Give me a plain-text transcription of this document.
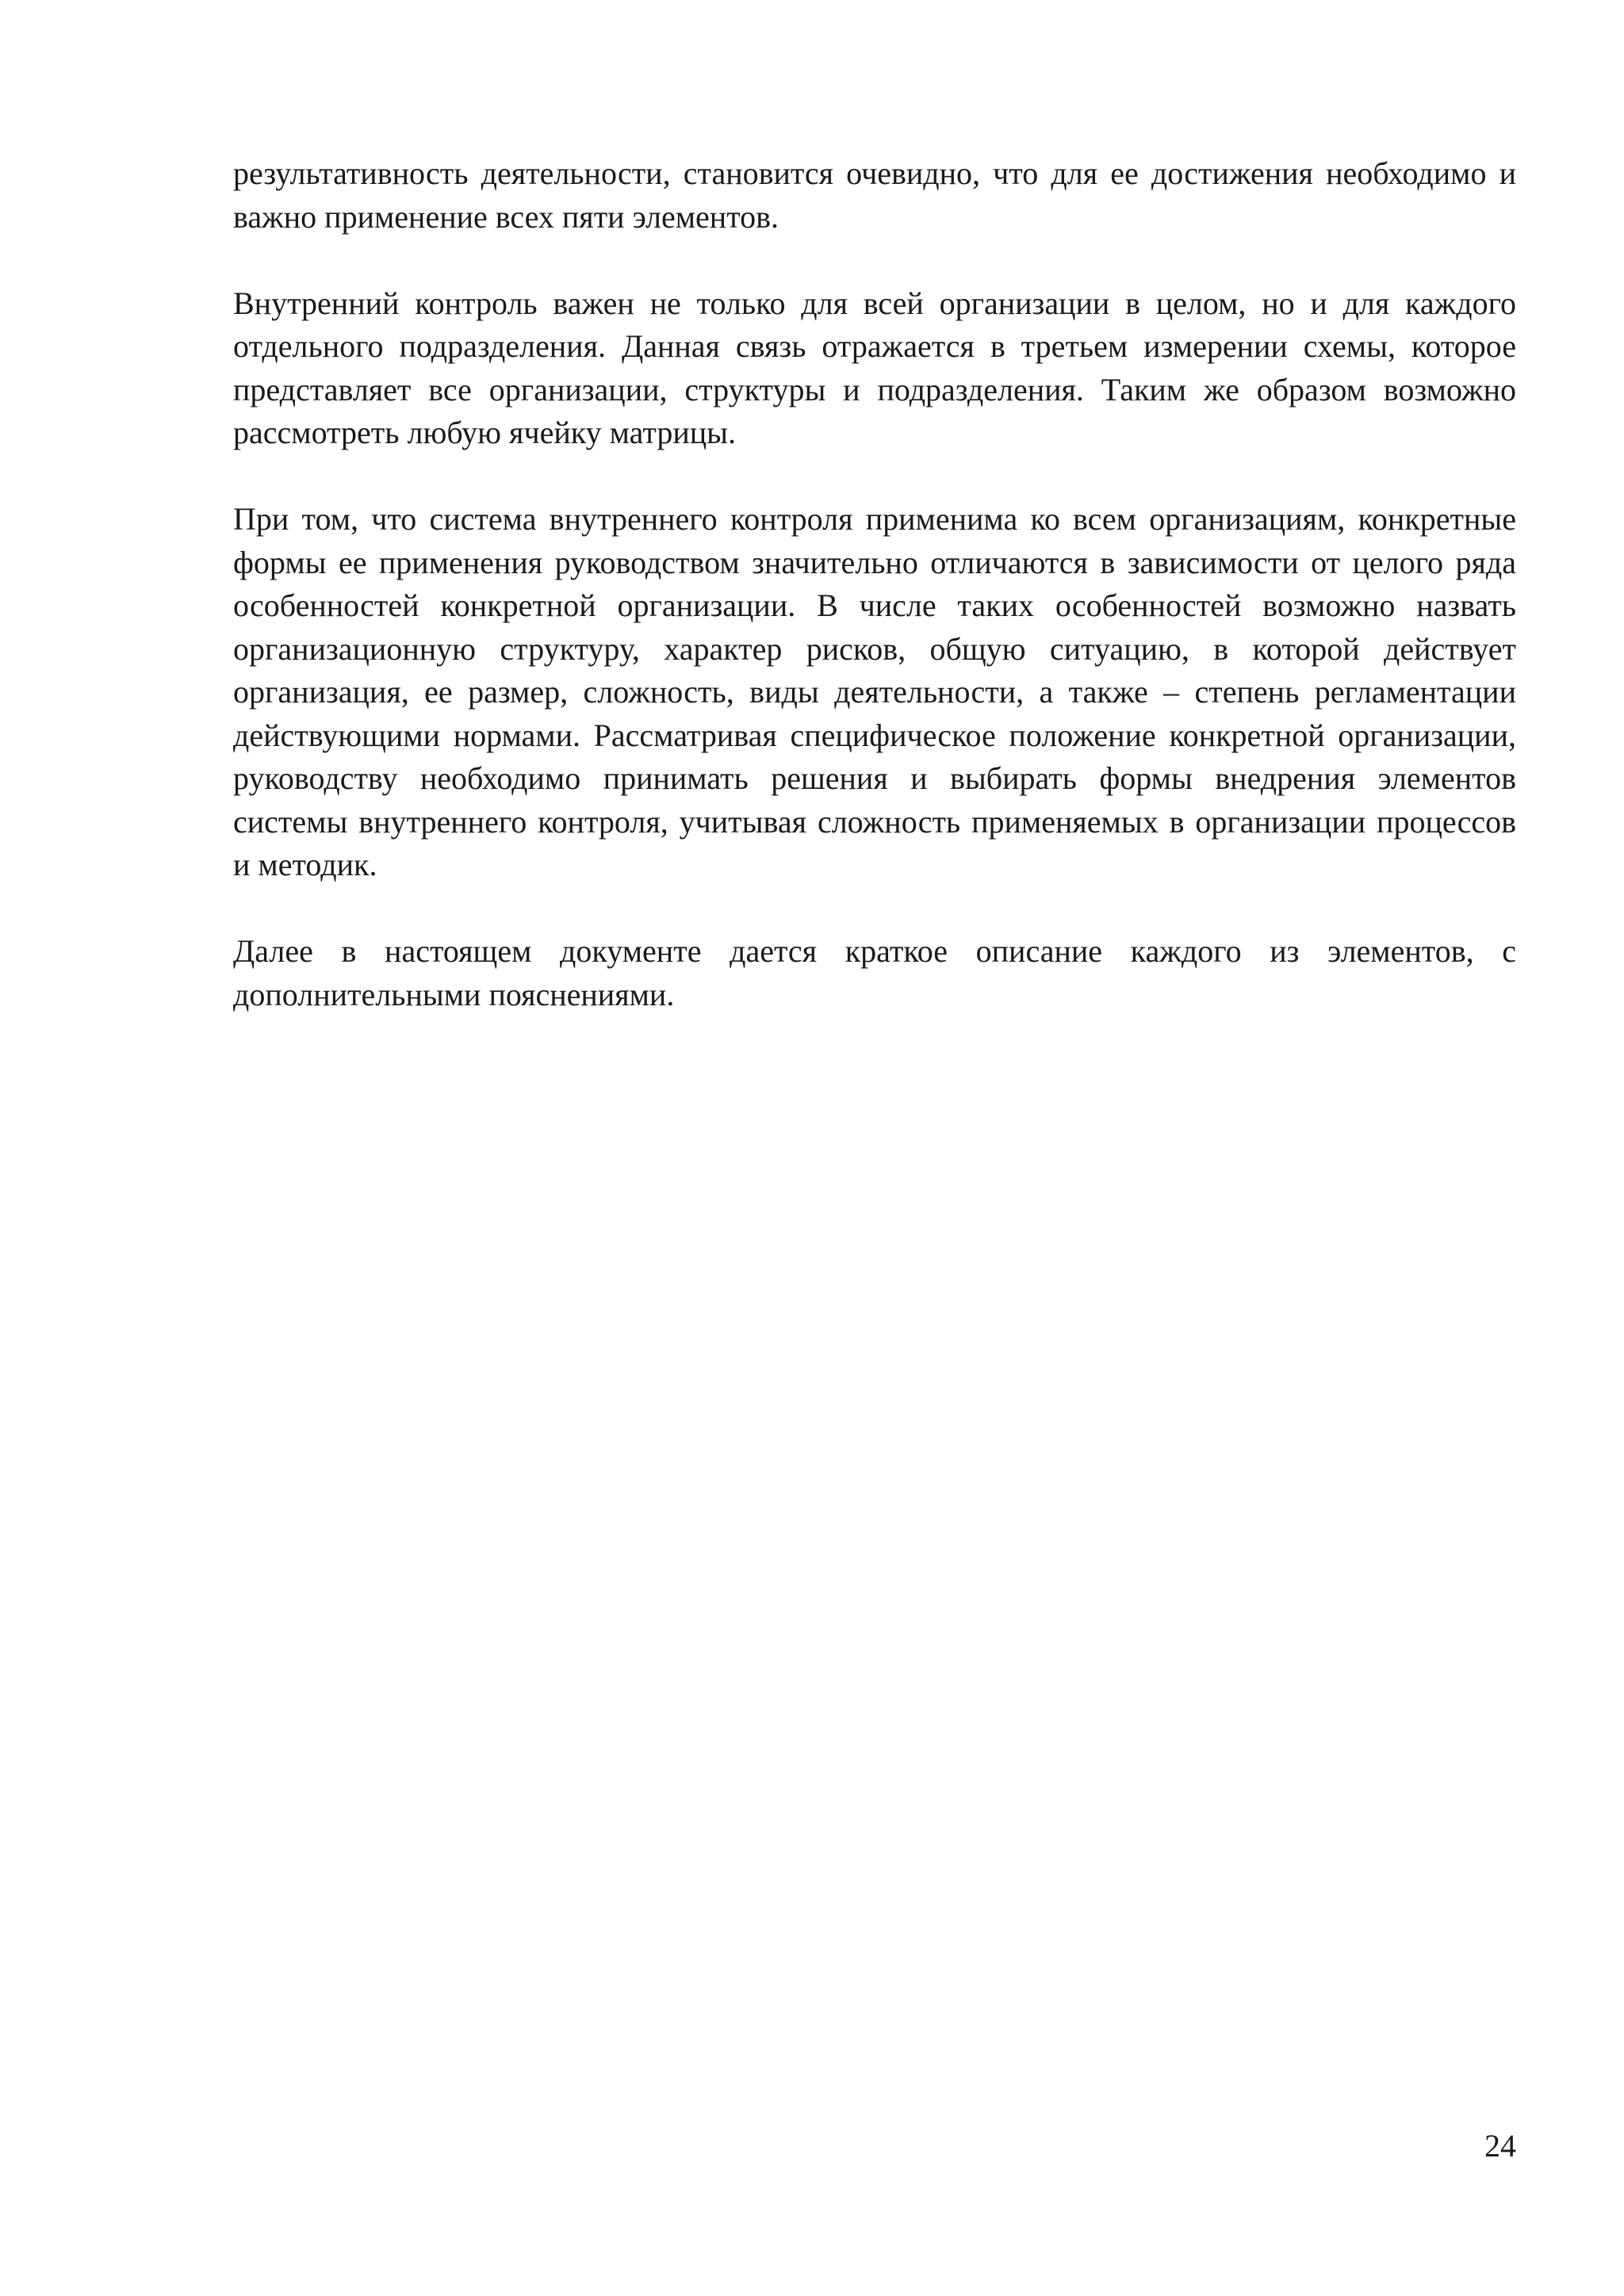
результативность деятельности, становится очевидно, что для ее достижения необходимо и важно применение всех пяти элементов.

Внутренний контроль важен не только для всей организации в целом, но и для каждого отдельного подразделения. Данная связь отражается в третьем измерении схемы, которое представляет все организации, структуры и подразделения. Таким же образом возможно рассмотреть любую ячейку матрицы.

При том, что система внутреннего контроля применима ко всем организациям, конкретные формы ее применения руководством значительно отличаются в зависимости от целого ряда особенностей конкретной организации. В числе таких особенностей возможно назвать организационную структуру, характер рисков, общую ситуацию, в которой действует организация, ее размер, сложность, виды деятельности, а также – степень регламентации действующими нормами. Рассматривая специфическое положение конкретной организации, руководству необходимо принимать решения и выбирать формы внедрения элементов системы внутреннего контроля, учитывая сложность применяемых в организации процессов и методик.

Далее в настоящем документе дается краткое описание каждого из элементов, с дополнительными пояснениями.

24
